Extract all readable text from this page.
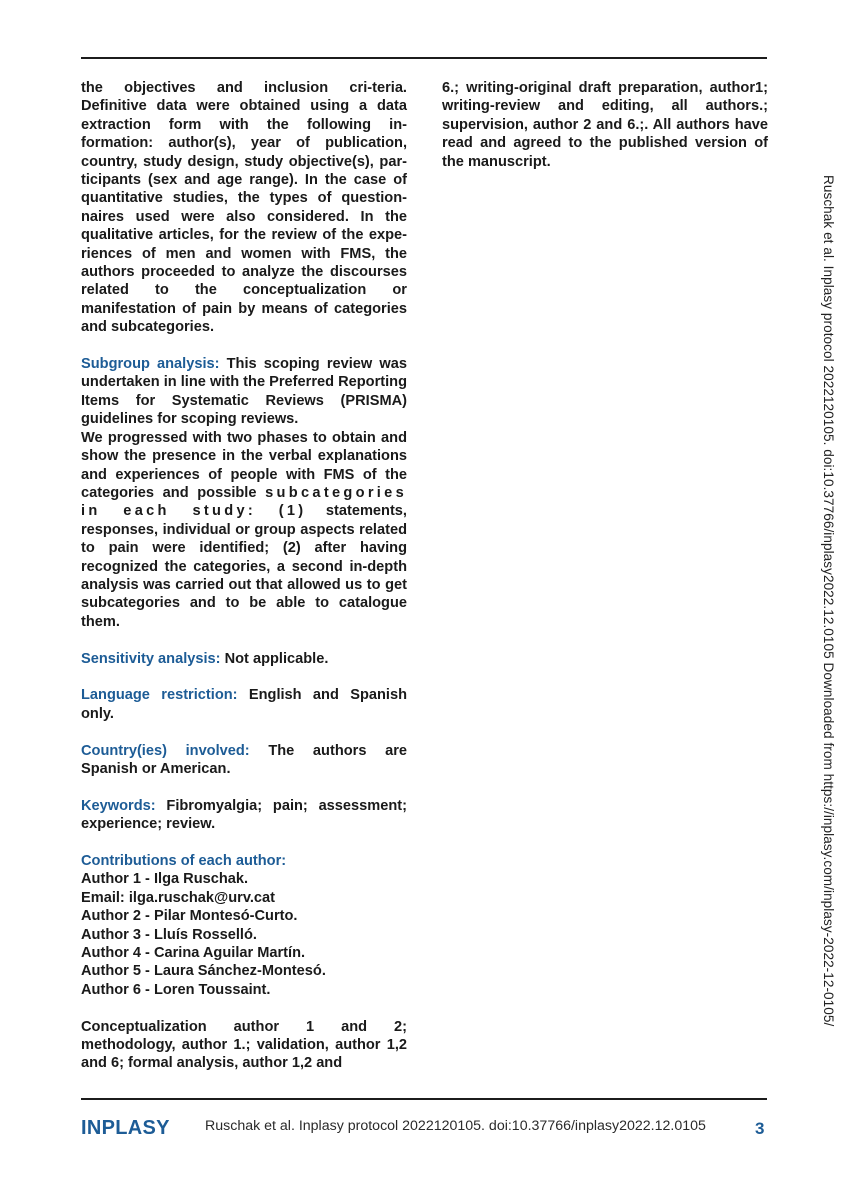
the objectives and inclusion cri-teria. Definitive data were obtained using a data extraction form with the following in-formation: author(s), year of publication, country, study design, study objective(s), par-ticipants (sex and age range). In the case of quantitative studies, the types of question-naires used were also considered. In the qualitative articles, for the review of the expe-riences of men and women with FMS, the authors proceeded to analyze the discourses related to the conceptualization or manifestation of pain by means of categories and subcategories.

Subgroup analysis: This scoping review was undertaken in line with the Preferred Reporting Items for Systematic Reviews (PRISMA) guidelines for scoping reviews.

We progressed with two phases to obtain and show the presence in the verbal explanations and experiences of people with FMS of the categories and possible subcategories in each study: (1) statements, responses, individual or group aspects related to pain were identified; (2) after having recognized the categories, a second in-depth analysis was carried out that allowed us to get subcategories and to be able to catalogue them.

Sensitivity analysis: Not applicable.

Language restriction: English and Spanish only.

Country(ies) involved: The authors are Spanish or American.

Keywords: Fibromyalgia; pain; assessment; experience; review.

Contributions of each author:
Author 1 - Ilga Ruschak.
Email: ilga.ruschak@urv.cat
Author 2 - Pilar Montesó-Curto.
Author 3 - Lluís Rosselló.
Author 4 - Carina Aguilar Martín.
Author 5 - Laura Sánchez-Montesó.
Author 6 - Loren Toussaint.

Conceptualization author 1 and 2; methodology, author 1.; validation, author 1,2 and 6; formal analysis, author 1,2 and

6.; writing-original draft preparation, author1; writing-review and editing, all authors.; supervision, author 2 and 6.;. All authors have read and agreed to the published version of the manuscript.

Ruschak et al. Inplasy protocol 2022120105. doi:10.37766/inplasy2022.12.0105 Downloaded from https://inplasy.com/inplasy-2022-12-0105/
INPLASY Ruschak et al. Inplasy protocol 2022120105. doi:10.37766/inplasy2022.12.0105	3
